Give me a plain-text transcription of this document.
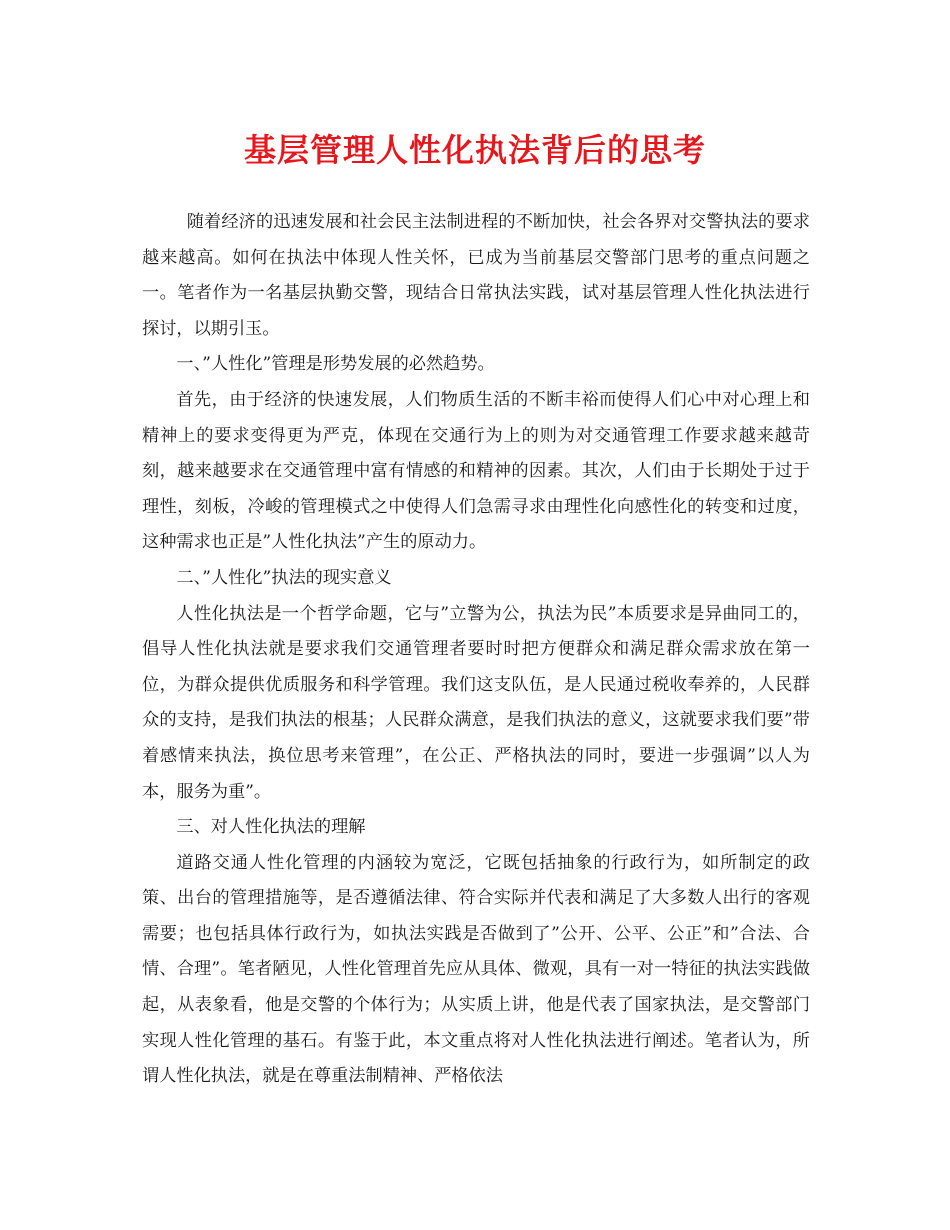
基层管理人性化执法背后的思考

随着经济的迅速发展和社会民主法制进程的不断加快，社会各界对交警执法的要求越来越高。如何在执法中体现人性关怀，已成为当前基层交警部门思考的重点问题之一。笔者作为一名基层执勤交警，现结合日常执法实践，试对基层管理人性化执法进行探讨，以期引玉。

一、”人性化”管理是形势发展的必然趋势。

首先，由于经济的快速发展，人们物质生活的不断丰裕而使得人们心中对心理上和精神上的要求变得更为严克，体现在交通行为上的则为对交通管理工作要求越来越苛刻，越来越要求在交通管理中富有情感的和精神的因素。其次，人们由于长期处于过于理性，刻板，冷峻的管理模式之中使得人们急需寻求由理性化向感性化的转变和过度，这种需求也正是”人性化执法”产生的原动力。

二、”人性化”执法的现实意义

人性化执法是一个哲学命题，它与”立警为公，执法为民”本质要求是异曲同工的，倡导人性化执法就是要求我们交通管理者要时时把方便群众和满足群众需求放在第一位，为群众提供优质服务和科学管理。我们这支队伍，是人民通过税收奉养的，人民群众的支持，是我们执法的根基；人民群众满意，是我们执法的意义，这就要求我们要”带着感情来执法，换位思考来管理”，在公正、严格执法的同时，要进一步强调”以人为本，服务为重”。

三、对人性化执法的理解

道路交通人性化管理的内涵较为宽泛，它既包括抽象的行政行为，如所制定的政策、出台的管理措施等，是否遵循法律、符合实际并代表和满足了大多数人出行的客观需要；也包括具体行政行为，如执法实践是否做到了”公开、公平、公正”和”合法、合情、合理”。笔者陋见，人性化管理首先应从具体、微观，具有一对一特征的执法实践做起，从表象看，他是交警的个体行为；从实质上讲，他是代表了国家执法，是交警部门实现人性化管理的基石。有鉴于此，本文重点将对人性化执法进行阐述。笔者认为，所谓人性化执法，就是在尊重法制精神、严格依法
